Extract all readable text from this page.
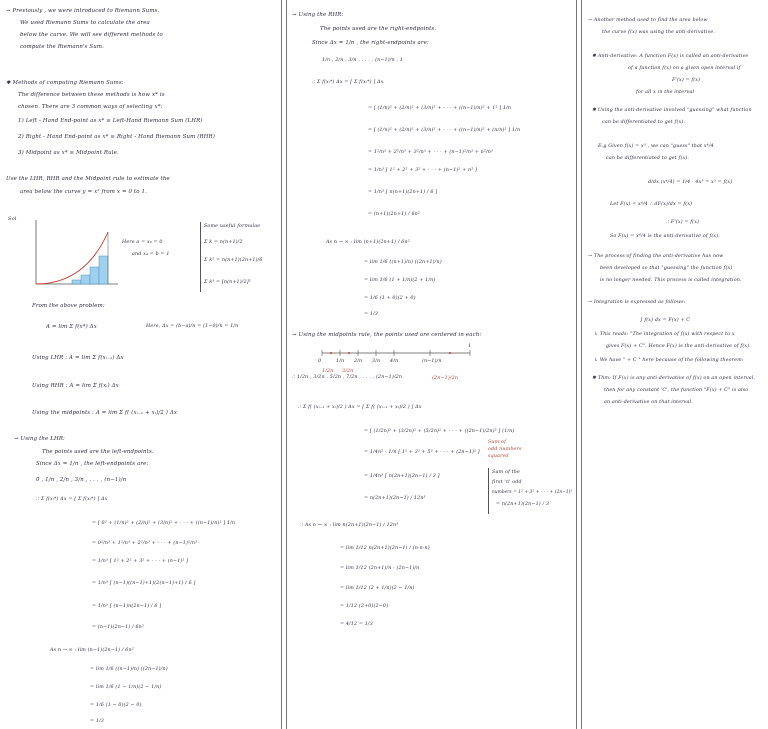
→ Previously , we were introduced to Riemann Sums.
We used Riemann Sums to calculate the area
below the curve. We will see different methods to
compute the Riemann's Sum.
✱ Methods of computing Riemann Sums:
The difference between these methods is how x* is
chosen. There are 3 common ways of selecting x*:
1) Left - Hand End-point as x* ≡ Left-Hand Riemann Sum (LHR)
2) Right - Hand End-point as x* ≡ Right - Hand Riemann Sum (RHR)
3) Midpoint as x* ≡ Midpoint Rule.
Use the LHR, RHR and the Midpoint rule to estimate the
area below the curve y = x² from x = 0 to 1.
Sol
Here a = x₀ = 0
and x₄ = b = 1
Some useful formulae
Σ k = n(n+1)/2
Σ k² = n(n+1)(2n+1)/6
Σ k³ = [n(n+1)/2]²
From the above problem:
A = lim Σ f(x*) Δx	Here, Δx = (b−a)/n = (1−0)/n = 1/n
Using LHR : A = lim Σ f(xᵢ₋₁) Δx
Using RHR : A = lim Σ f(xᵢ) Δx
Using the midpoints : A = lim Σ f( (xᵢ₋₁ + xᵢ)/2 ) Δx
→ Using the LHR:
The points used are the left-endpoints.
Since Δx = 1/n , the left-endpoints are:
0 , 1/n , 2/n , 3/n , . . . , (n−1)/n
∴ Σ f(xᵢ*) Δx = [ Σ f(xᵢ*) ] Δx
= [ 0² + (1/n)² + (2/n)² + (3/n)² + · · · + ((n−1)/n)² ] 1/n
= 0²/n³ + 1²/n³ + 2²/n³ + · · · + (n−1)²/n³
= 1/n³ [ 1² + 2² + 3² + · · · + (n−1)² ]
= 1/n³ [ (n−1)((n−1)+1)(2(n−1)+1) / 6 ]
= 1/n³ [ (n−1)n(2n−1) / 6 ]
= (n−1)(2n−1) / 6n²
As n → ∞ : lim (n−1)(2n−1) / 6n²
= lim 1/6 ((n−1)/n) ((2n−1)/n)
= lim 1/6 (1 − 1/n)(2 − 1/n)
= 1/6 (1 − 0)(2 − 0)
= 1/3
→ Using the RHR:
The points used are the right-endpoints.
Since Δx = 1/n , the right-endpoints are:
1/n , 2/n , 3/n , . . . , (n−1)/n , 1
∴ Σ f(xᵢ*) Δx = [ Σ f(xᵢ*) ] Δx
= [ (1/n)² + (2/n)² + (3/n)² + · · · + ((n−1)/n)² + 1² ] 1/n
= [ (1/n)² + (2/n)² + (3/n)² + · · · + ((n−1)/n)² + (n/n)² ] 1/n
= 1²/n³ + 2²/n³ + 3²/n³ + · · · + (n−1)²/n³ + n²/n³
= 1/n³ [ 1² + 2² + 3² + · · · + (n−1)² + n² ]
= 1/n³ [ n(n+1)(2n+1) / 6 ]
= (n+1)(2n+1) / 6n²
As n → ∞ : lim (n+1)(2n+1) / 6n²
= lim 1/6 ((n+1)/n) ((2n+1)/n)
= lim 1/6 (1 + 1/n)(2 + 1/n)
= 1/6 (1 + 0)(2 + 0)
= 1/3
→ Using the midpoints rule, the points used are centered in each:
0	1/n 2/n 3/n 4/n	(n−1)/n
1
1/2n 3/2n
(2n−1)/2n
∴ 1/2n , 3/2n , 5/2n , 7/2n , . . . , (2n−1)/2n
∴ Σ f( (xᵢ₋₁ + xᵢ)/2 ) Δx = [ Σ f( (xᵢ₋₁ + xᵢ)/2 ) ] Δx
= [ (1/2n)² + (3/2n)² + (5/2n)² + · · · + ((2n−1)/2n)² ] (1/n)
= 1/4n² · 1/n [ 1² + 3² + 5² + · · · + (2n−1)² ]
= 1/4n³ [ n(2n+1)(2n−1) / 3 ]
= n(2n+1)(2n−1) / 12n³
Sum of
odd numbers
squared
Sum of the
first 'n' odd
numbers = 1² + 3² + · · · + (2n−1)²
= n(2n+1)(2n−1) / 3
∴ As n → ∞ : lim n(2n+1)(2n−1) / 12n³
= lim 1/12 n(2n+1)(2n−1) / (n·n·n)
= lim 1/12 (2n+1)/n · (2n−1)/n
= lim 1/12 (2 + 1/n)(2 − 1/n)
= 1/12 (2+0)(2−0)
= 4/12 = 1/3
→ Another method used to find the area below
the curve f(x) was using the anti-derivative.
✱ Anti-derivative: A function F(x) is called an anti-derivative
of a function f(x) on a given open interval if
F'(x) = f(x)
for all x in the interval
✱ Using the anti-derivative involved "guessing" what function
can be differentiated to get f(x).
E.g Given f(x) = x³ , we can "guess" that x⁴/4
can be differentiated to get f(x).
d/dx (x⁴/4) = 1/4 · 4x³ = x³ = f(x)
Let F(x) = x⁴/4 ∴ dF(x)/dx = f(x)
∴ F'(x) = f(x)
So F(x) = x⁴/4 is the anti-derivative of f(x).
→ The process of finding the anti-derivative has now
been developed so that "guessing" the function f(x)
is no longer needed. This process is called integration.
→ Integration is expressed as follows:
∫ f(x) dx = F(x) + C
↳ This reads: "The integration of f(x) with respect to x
gives F(x) + C". Hence F(x) is the anti-derivative of f(x).
↳ We have " + C " here because of the following theorem:
✱ Thm: If F(x) is any anti-derivative of f(x) on an open interval,
then for any constant 'C', the function "F(x) + C" is also
an anti-derivative on that interval.
